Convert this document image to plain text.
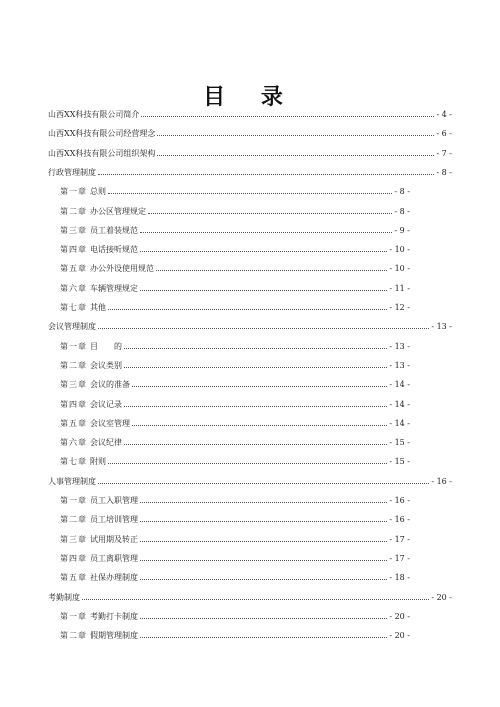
目 录
山西XX科技有限公司简介	- 4 -
山西XX科技有限公司经营理念	- 6 -
山西XX科技有限公司组织架构	- 7 -
行政管理制度	- 8 -
第一章 总则	- 8 -
第二章 办公区管理规定	- 8 -
第三章 员工着装规范	- 9 -
第四章 电话接听规范	- 10 -
第五章 办公外设使用规范	- 10 -
第六章 车辆管理规定	- 11 -
第七章 其他	- 12 -
会议管理制度	- 13 -
第一章 目　　的	- 13 -
第二章 会议类别	- 13 -
第三章 会议的准备	- 14 -
第四章 会议记录	- 14 -
第五章 会议室管理	- 14 -
第六章 会议纪律	- 15 -
第七章 附则	- 15 -
人事管理制度	- 16 -
第一章 员工入职管理	- 16 -
第二章 员工培训管理	- 16 -
第三章 试用期及转正	- 17 -
第四章 员工离职管理	- 17 -
第五章 社保办理制度	- 18 -
考勤制度	- 20 -
第一章 考勤打卡制度	- 20 -
第二章 假期管理制度	- 20 -
